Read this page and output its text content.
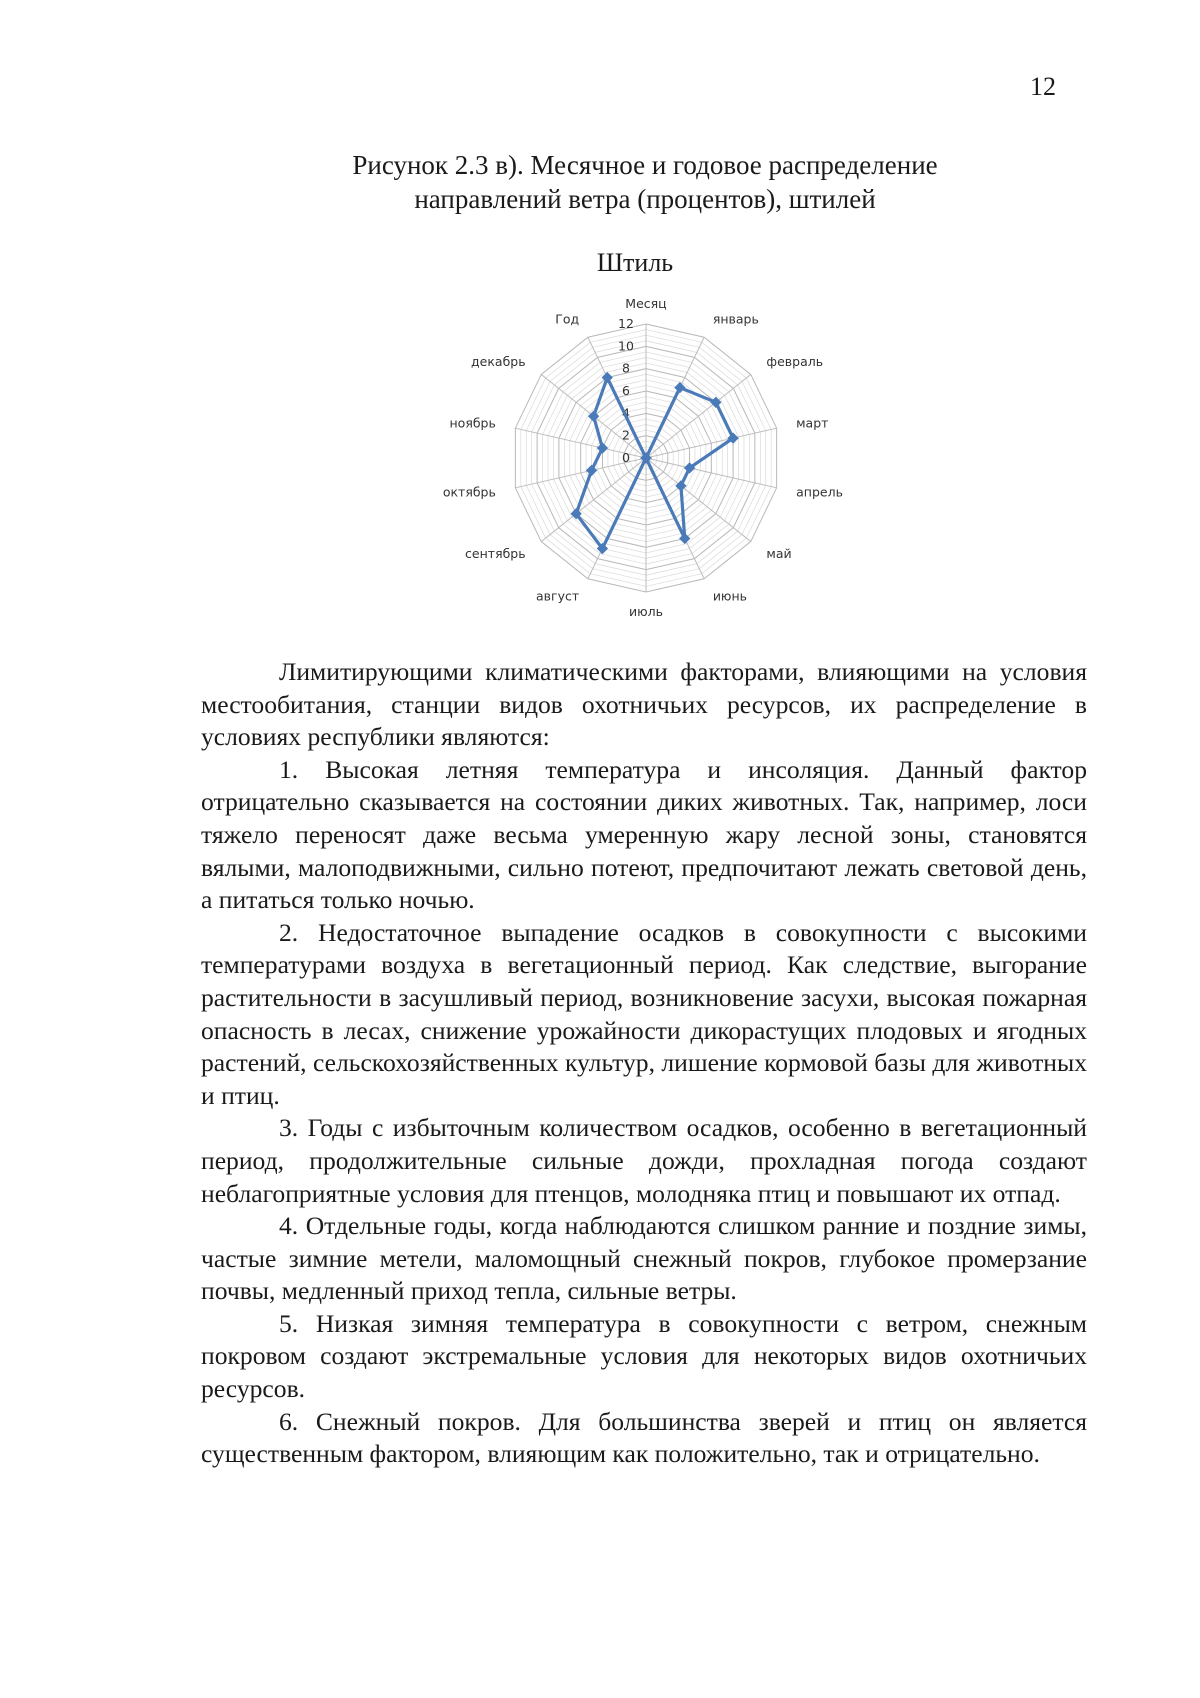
12
Рисунок 2.3 в). Месячное и годовое распределение
направлений ветра (процентов), штилей
Штиль
0
2
4
6
8
10
12
Месяц
январь
февраль
март
апрель
май
июнь
июль
август
сентябрь
октябрь
ноябрь
декабрь
Год

Лимитирующими климатическими факторами, влияющими на условия местообитания, станции видов охотничьих ресурсов, их распределение в условиях республики являются:

1. Высокая летняя температура и инсоляция. Данный фактор отрицательно сказывается на состоянии диких животных. Так, например, лоси тяжело переносят даже весьма умеренную жару лесной зоны, становятся вялыми, малоподвижными, сильно потеют, предпочитают лежать световой день, а питаться только ночью.

2. Недостаточное выпадение осадков в совокупности с высокими температурами воздуха в вегетационный период. Как следствие, выгорание растительности в засушливый период, возникновение засухи, высокая пожарная опасность в лесах, снижение урожайности дикорастущих плодовых и ягодных растений, сельскохозяйственных культур, лишение кормовой базы для животных и птиц.

3. Годы с избыточным количеством осадков, особенно в вегетационный период, продолжительные сильные дожди, прохладная погода создают неблагоприятные условия для птенцов, молодняка птиц и повышают их отпад.

4. Отдельные годы, когда наблюдаются слишком ранние и поздние зимы, частые зимние метели, маломощный снежный покров, глубокое промерзание почвы, медленный приход тепла, сильные ветры.

5. Низкая зимняя температура в совокупности с ветром, снежным покровом создают экстремальные условия для некоторых видов охотничьих ресурсов.

6. Снежный покров. Для большинства зверей и птиц он является существенным фактором, влияющим как положительно, так и отрицательно.
